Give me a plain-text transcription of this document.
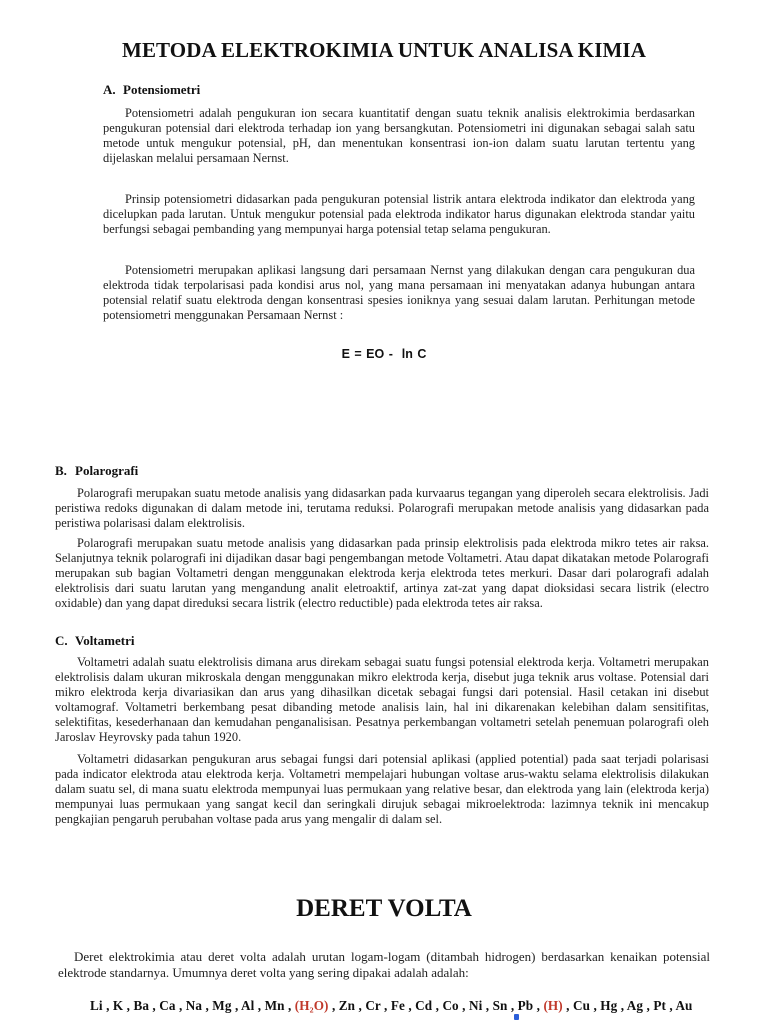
METODA ELEKTROKIMIA UNTUK ANALISA KIMIA
A. Potensiometri

Potensiometri adalah pengukuran ion secara kuantitatif dengan suatu teknik analisis elektrokimia berdasarkan pengukuran potensial dari elektroda terhadap ion yang bersangkutan. Potensiometri ini digunakan sebagai salah satu metode untuk mengukur potensial, pH, dan menentukan konsentrasi ion-ion dalam suatu larutan tertentu yang dijelaskan melalui persamaan Nernst.

Prinsip potensiometri didasarkan pada pengukuran potensial listrik antara elektroda indikator dan elektroda yang dicelupkan pada larutan. Untuk mengukur potensial pada elektroda indikator harus digunakan elektroda standar yaitu berfungsi sebagai pembanding yang mempunyai harga potensial tetap selama pengukuran.

Potensiometri merupakan aplikasi langsung dari persamaan Nernst yang dilakukan dengan cara pengukuran dua elektroda tidak terpolarisasi pada kondisi arus nol, yang mana persamaan ini menyatakan adanya hubungan antara potensial relatif suatu elektroda dengan konsentrasi spesies ioniknya yang sesuai dalam larutan. Perhitungan metode potensiometri menggunakan Persamaan Nernst :

E = EO -  ln C
B. Polarografi

Polarografi merupakan suatu metode analisis yang didasarkan pada kurvaarus tegangan yang diperoleh secara elektrolisis. Jadi peristiwa redoks digunakan di dalam metode ini, terutama reduksi. Polarografi merupakan metode analisis yang didasarkan pada peristiwa polarisasi dalam elektrolisis.

Polarografi merupakan suatu metode analisis yang didasarkan pada prinsip elektrolisis pada elektroda mikro tetes air raksa. Selanjutnya teknik polarografi ini dijadikan dasar bagi pengembangan metode Voltametri. Atau dapat dikatakan metode Polarografi merupakan sub bagian Voltametri dengan menggunakan elektroda kerja elektroda tetes merkuri. Dasar dari polarografi adalah elektrolisis dari suatu larutan yang mengandung analit eletroaktif, artinya zat-zat yang dapat dioksidasi secara listrik (electro oxidable) dan yang dapat direduksi secara listrik (electro reductible) pada elektroda tetes air raksa.

C. Voltametri

Voltametri adalah suatu elektrolisis dimana arus direkam sebagai suatu fungsi potensial elektroda kerja. Voltametri merupakan elektrolisis dalam ukuran mikroskala dengan menggunakan mikro elektroda kerja, disebut juga teknik arus voltase. Potensial dari mikro elektroda kerja divariasikan dan arus yang dihasilkan dicetak sebagai fungsi dari potensial. Hasil cetakan ini disebut voltamograf. Voltametri berkembang pesat dibanding metode analisis lain, hal ini dikarenakan kelebihan dalam sensitifitas, selektifitas, kesederhanaan dan kemudahan penganalisisan. Pesatnya perkembangan voltametri setelah penemuan polarografi oleh Jaroslav Heyrovsky pada tahun 1920.

Voltametri didasarkan pengukuran arus sebagai fungsi dari potensial aplikasi (applied potential) pada saat terjadi polarisasi pada indicator elektroda atau elektroda kerja. Voltametri mempelajari hubungan voltase arus-waktu selama elektrolisis dilakukan dalam suatu sel, di mana suatu elektroda mempunyai luas permukaan yang relative besar, dan elektroda yang lain (elektroda kerja) mempunyai luas permukaan yang sangat kecil dan seringkali dirujuk sebagai mikroelektroda: lazimnya teknik ini mencakup pengkajian pengaruh perubahan voltase pada arus yang mengalir di dalam sel.

DERET VOLTA

Deret elektrokimia atau deret volta adalah urutan logam-logam (ditambah hidrogen) berdasarkan kenaikan potensial elektrode standarnya. Umumnya deret volta yang sering dipakai adalah adalah:

Li , K , Ba , Ca , Na , Mg , Al , Mn , (H₂O) , Zn , Cr , Fe , Cd , Co , Ni , Sn , Pb , (H) , Cu , Hg , Ag , Pt , Au
